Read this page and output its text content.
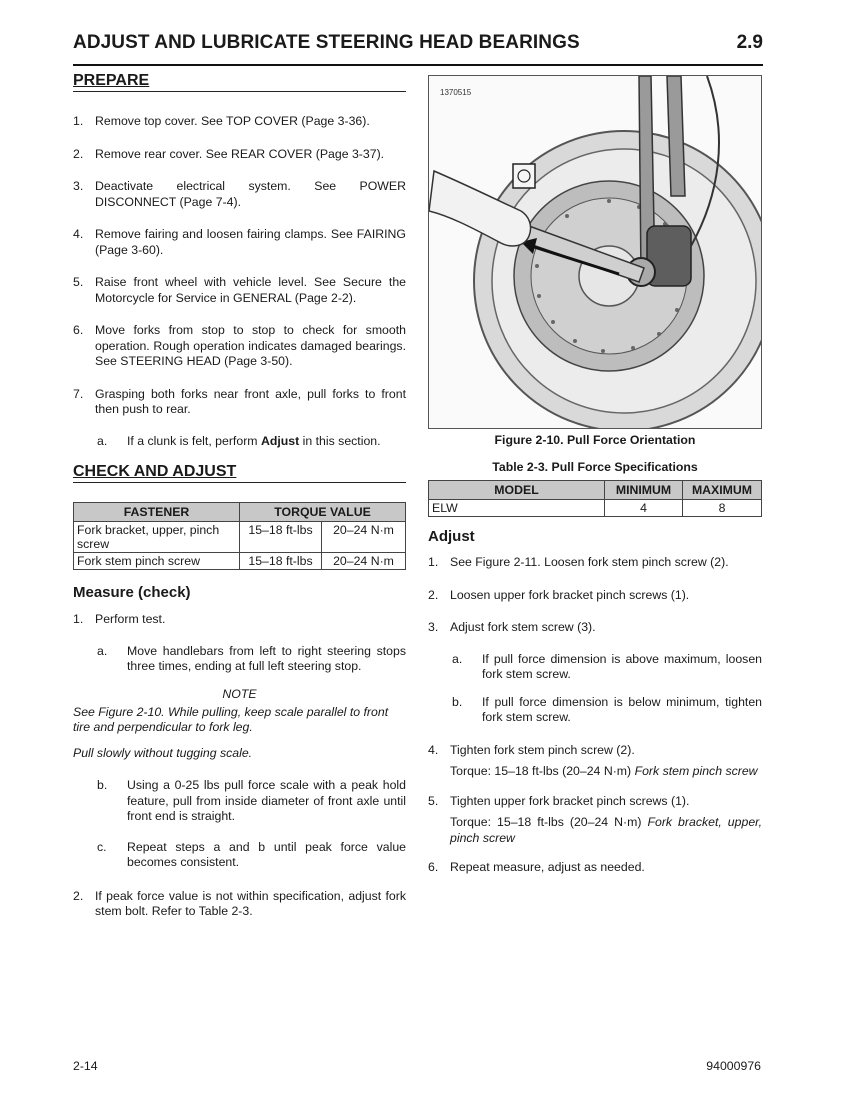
ADJUST AND LUBRICATE STEERING HEAD BEARINGS	2.9
PREPARE
1. Remove top cover. See TOP COVER (Page 3-36).
2. Remove rear cover. See REAR COVER (Page 3-37).
3. Deactivate electrical system. See POWER DISCONNECT (Page 7-4).
4. Remove fairing and loosen fairing clamps. See FAIRING (Page 3-60).
5. Raise front wheel with vehicle level. See Secure the Motorcycle for Service in GENERAL (Page 2-2).
6. Move forks from stop to stop to check for smooth operation. Rough operation indicates damaged bearings. See STEERING HEAD (Page 3-50).
7. Grasping both forks near front axle, pull forks to front then push to rear.
a. If a clunk is felt, perform Adjust in this section.
CHECK AND ADJUST
FASTENER	TORQUE VALUE	
Fork bracket, upper, pinch screw	15–18 ft-lbs	20–24 N·m
Fork stem pinch screw	15–18 ft-lbs	20–24 N·m
Measure (check)
1. Perform test.
a. Move handlebars from left to right steering stops three times, ending at full left steering stop.
NOTE
See Figure 2-10. While pulling, keep scale parallel to front tire and perpendicular to fork leg.
Pull slowly without tugging scale.
b. Using a 0-25 lbs pull force scale with a peak hold feature, pull from inside diameter of front axle until front end is straight.
c. Repeat steps a and b until peak force value becomes consistent.
2. If peak force value is not within specification, adjust fork stem bolt. Refer to Table 2-3.
1370515
Figure 2-10. Pull Force Orientation
Table 2-3. Pull Force Specifications
MODEL	MINIMUM	MAXIMUM
ELW	4	8
Adjust
1. See Figure 2-11. Loosen fork stem pinch screw (2).
2. Loosen upper fork bracket pinch screws (1).
3. Adjust fork stem screw (3).
a. If pull force dimension is above maximum, loosen fork stem screw.
b. If pull force dimension is below minimum, tighten fork stem screw.
4. Tighten fork stem pinch screw (2).
Torque: 15–18 ft-lbs (20–24 N·m) Fork stem pinch screw
5. Tighten upper fork bracket pinch screws (1).
Torque: 15–18 ft-lbs (20–24 N·m) Fork bracket, upper, pinch screw
6. Repeat measure, adjust as needed.
2-14	94000976
